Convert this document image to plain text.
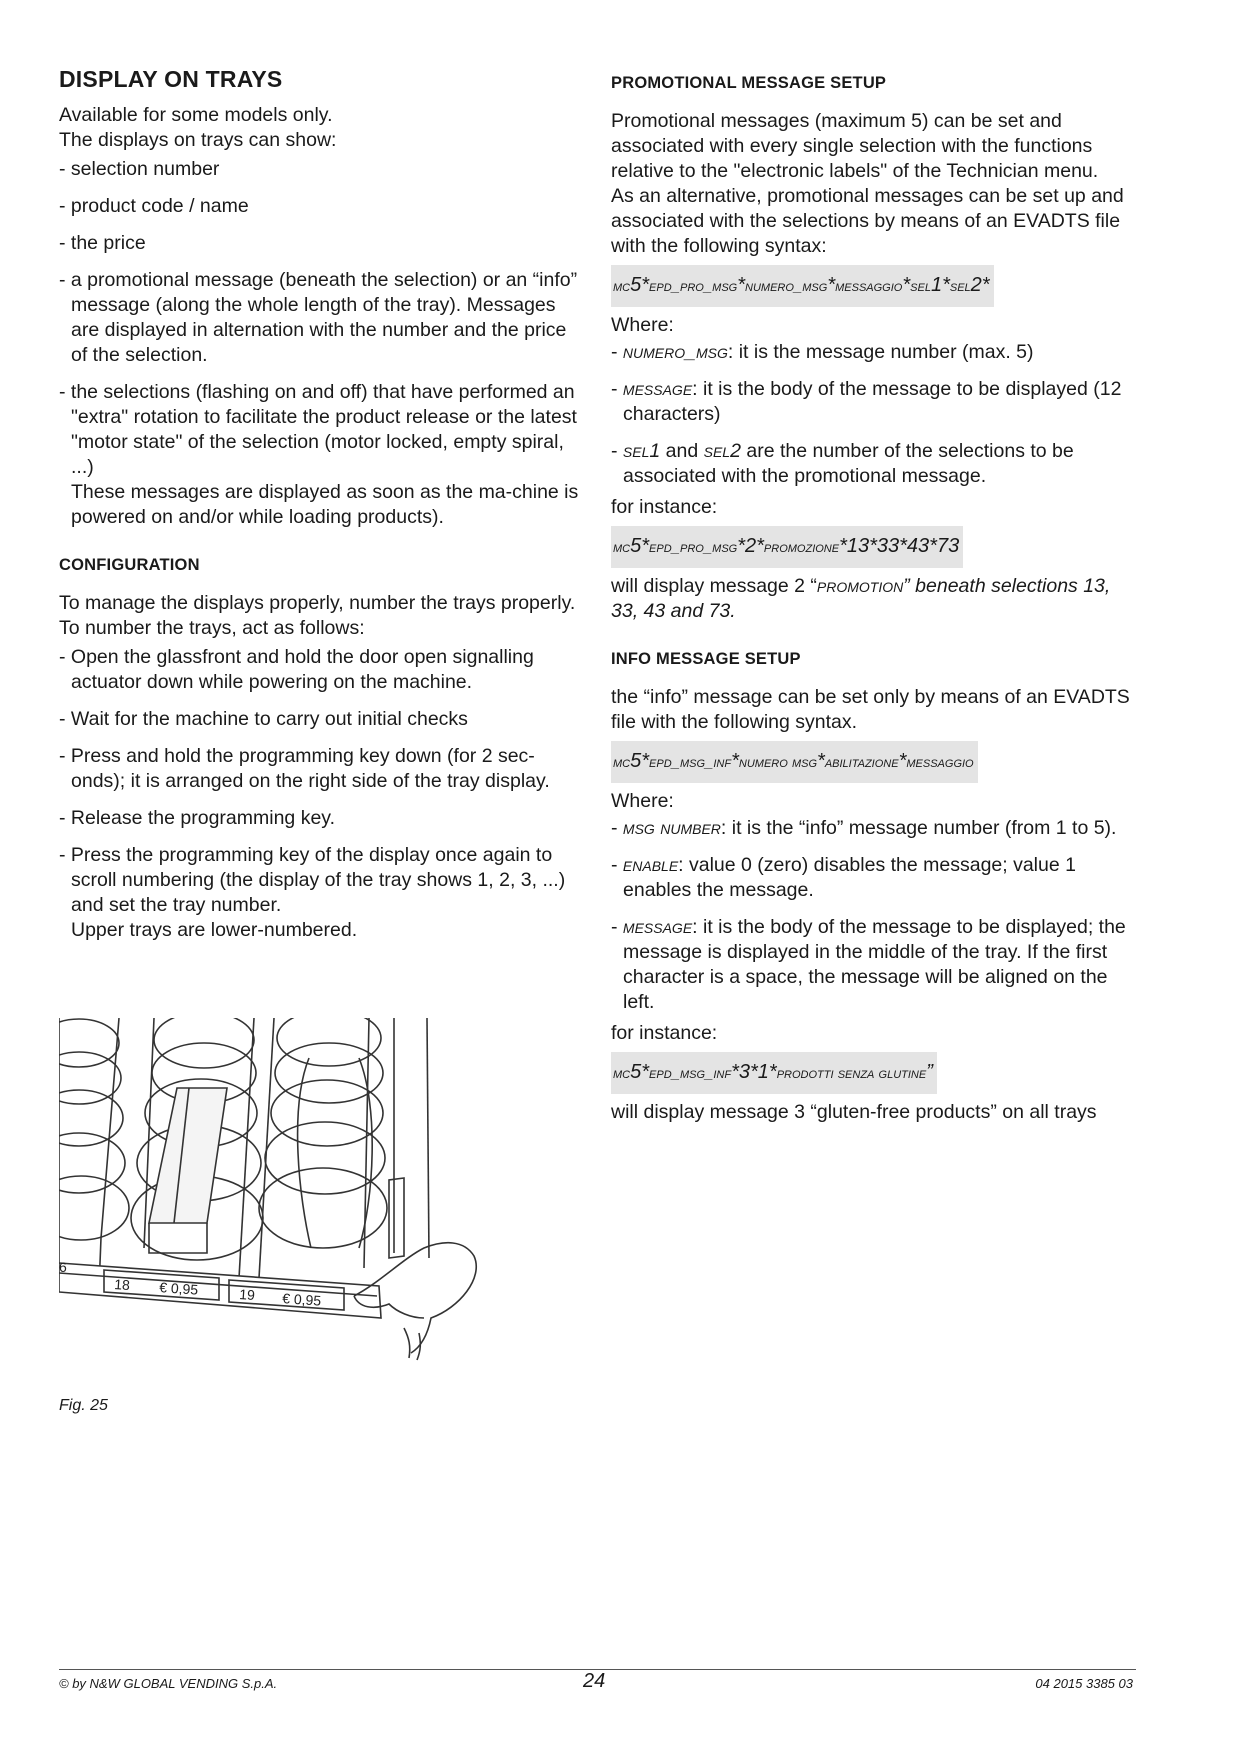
DISPLAY ON TRAYS

Available for some models only.

The displays on trays can show:

- selection number
- product code / name
- the price
- a promotional message (beneath the selection) or an “info” message (along the whole length of the tray). Messages are displayed in alternation with the number and the price of the selection.
- the selections (flashing on and off) that have performed an "extra" rotation to facilitate the product release or the latest "motor state" of the selection (motor locked, empty spiral, ...)
These messages are displayed as soon as the ma-chine is powered on and/or while loading products).
CONFIGURATION

To manage the displays properly, number the trays properly.

To number the trays, act as follows:

- Open the glassfront and hold the door open signalling actuator down while powering on the machine.
- Wait for the machine to carry out initial checks
- Press and hold the programming key down (for 2 sec-onds); it is arranged on the right side of the tray display.
- Release the programming key.
- Press the programming key of the display once again to scroll numbering (the display of the tray shows 1, 2, 3, ...) and set the tray number.
Upper trays are lower-numbered.
6
18 € 0,95	19 € 0,95
Fig. 25
PROMOTIONAL MESSAGE SETUP

Promotional messages (maximum 5) can be set and associated with every single selection with the functions relative to the "electronic labels" of the Technician menu.

As an alternative, promotional messages can be set up and associated with the selections by means of an EVADTS file with the following syntax:

mc5*epd_pro_msg*numero_msg*messaggio*sel1*sel2*

Where:

- numero_msg: it is the message number (max. 5)
- message: it is the body of the message to be displayed (12 characters)
- sel1 and sel2 are the number of the selections to be associated with the promotional message.

for instance:

mc5*epd_pro_msg*2*promozione*13*33*43*73

will display message 2 “promotion” beneath selections 13, 33, 43 and 73.

INFO MESSAGE SETUP

the “info” message can be set only by means of an EVADTS file with the following syntax.

mc5*epd_msg_inf*numero msg*abilitazione*messaggio

Where:

- msg number: it is the “info” message number (from 1 to 5).
- enable: value 0 (zero) disables the message; value 1 enables the message.
- message: it is the body of the message to be displayed; the message is displayed in the middle of the tray. If the first character is a space, the message will be aligned on the left.

for instance:

mc5*epd_msg_inf*3*1*prodotti senza glutine”

will display message 3 “gluten-free products” on all trays

© by N&W GLOBAL VENDING S.p.A.	24	04 2015 3385 03
